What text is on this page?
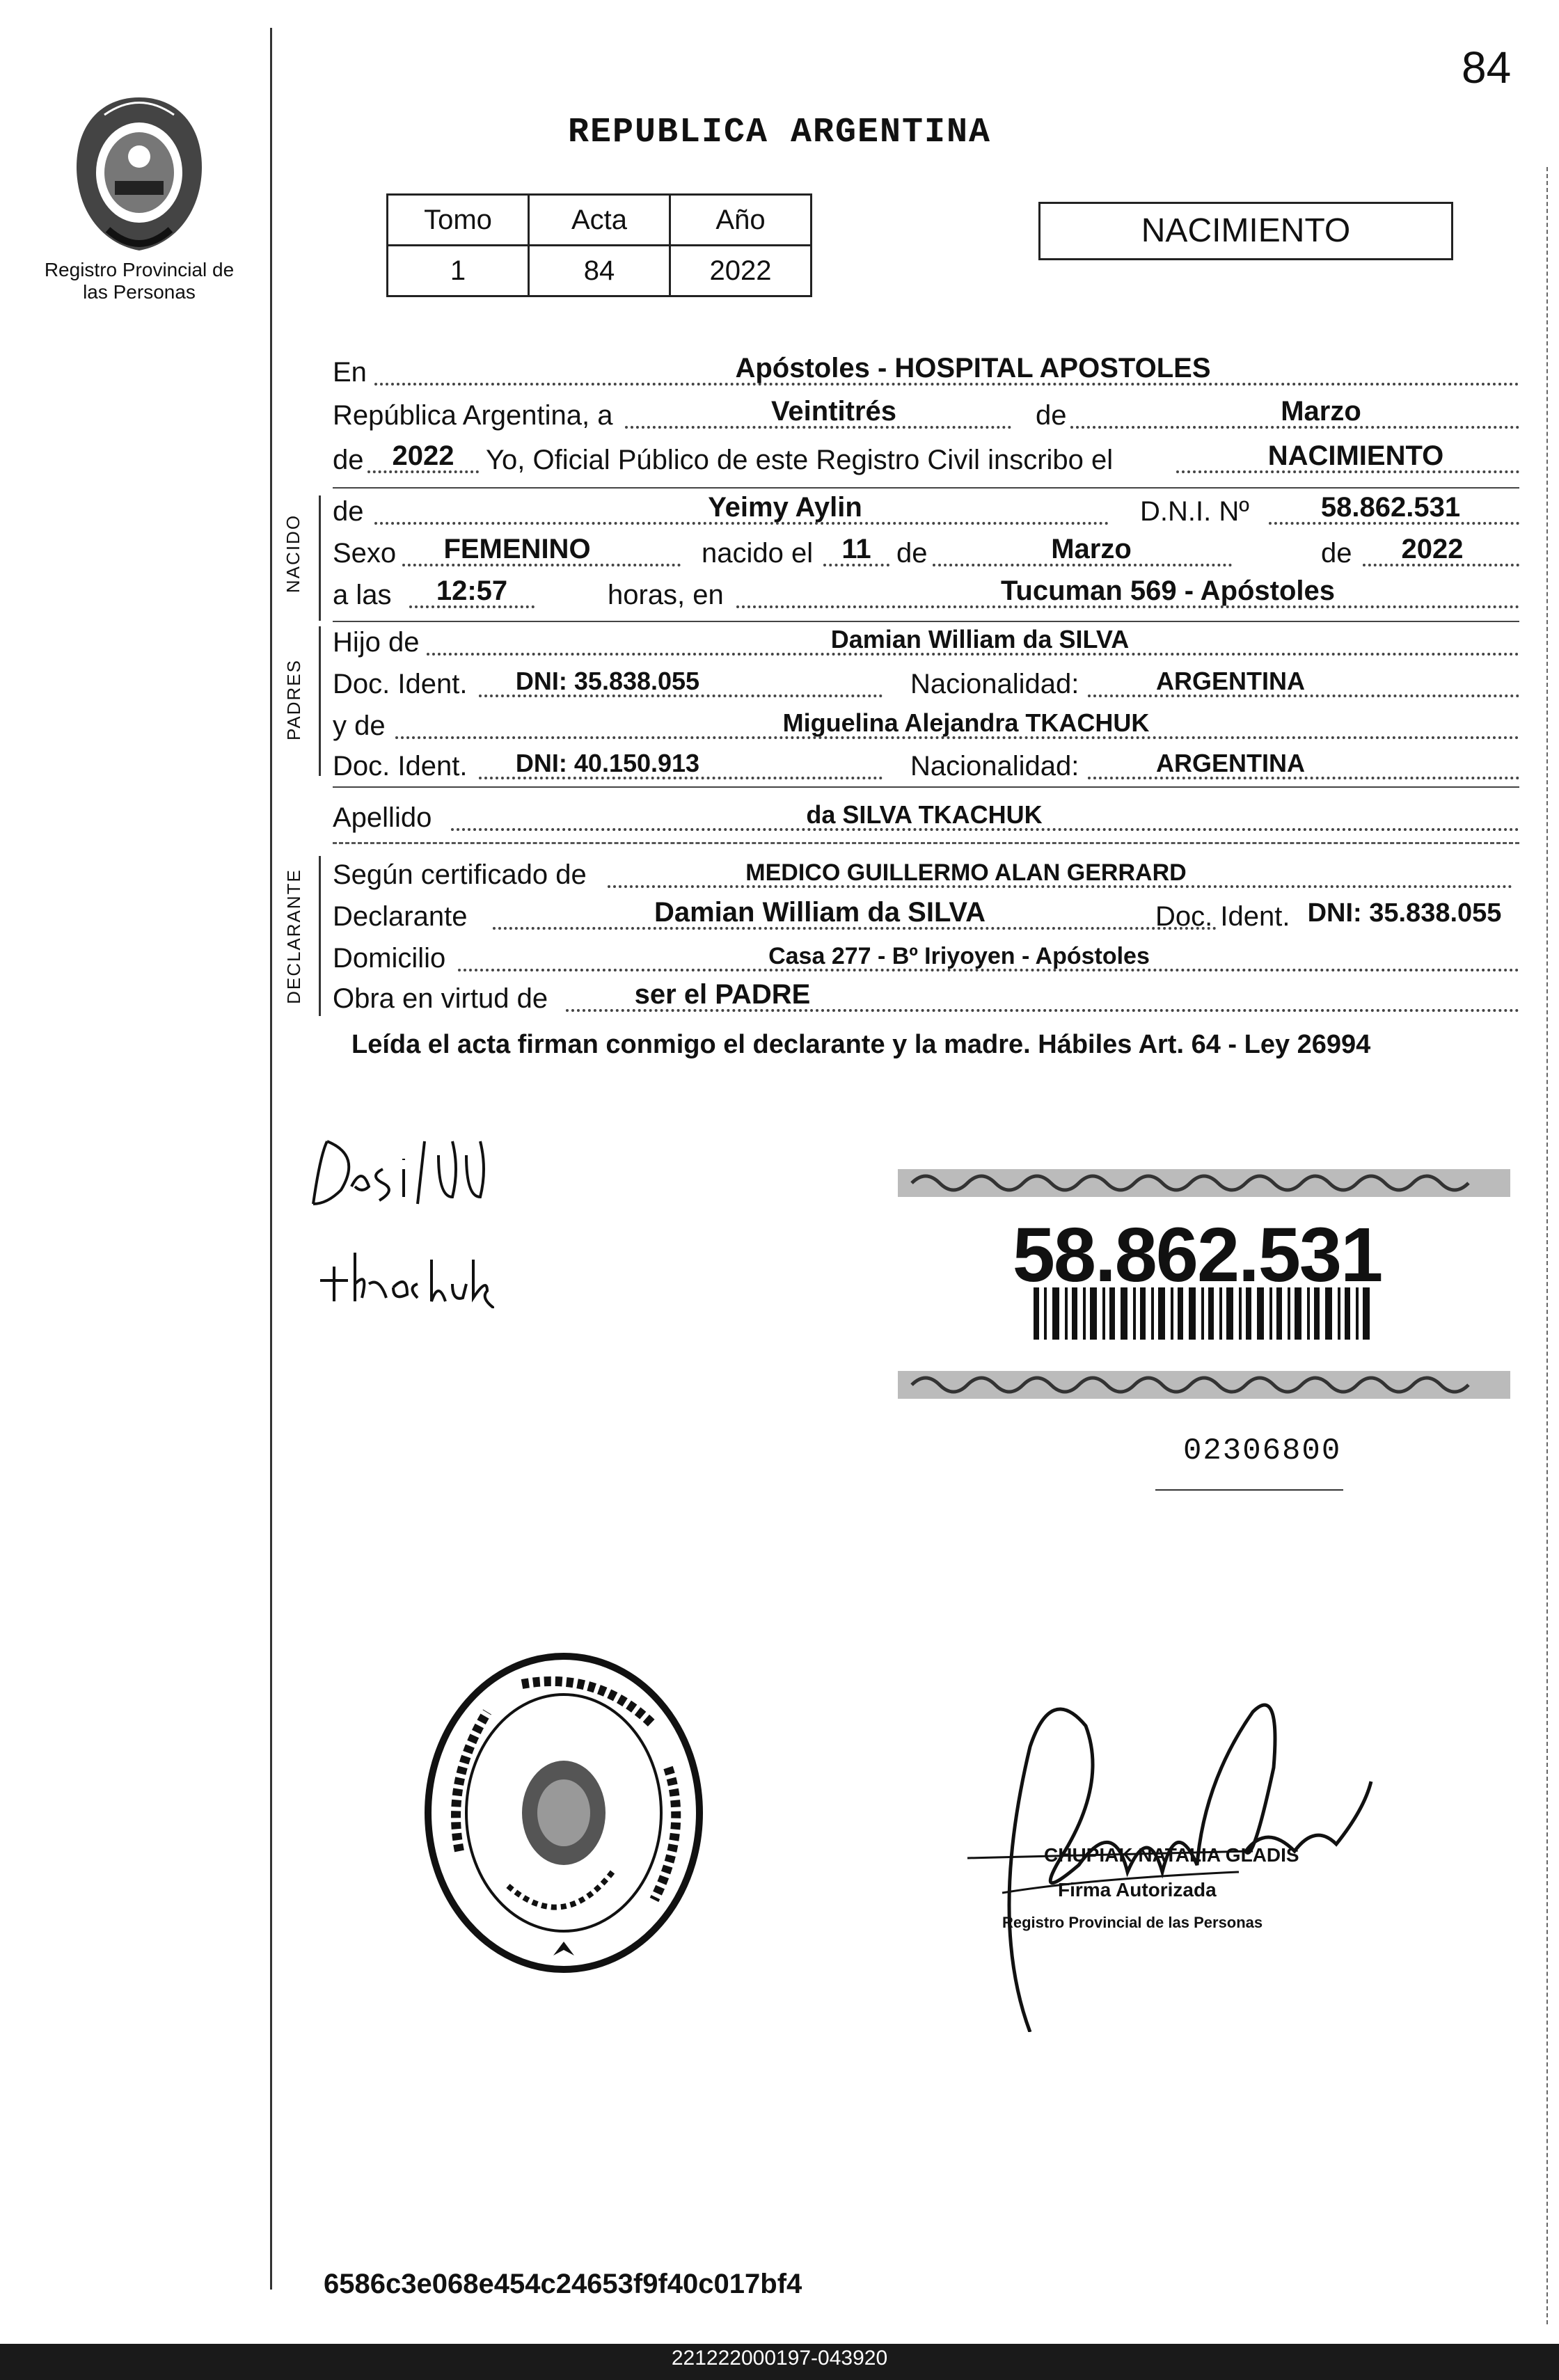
84
Registro Provincial de las Personas
REPUBLICA ARGENTINA
Tomo	Acta	Año
1	84	2022
NACIMIENTO
En	Apóstoles - HOSPITAL APOSTOLES
República Argentina, a	Veintitrés	de	Marzo
de	2022	Yo, Oficial Público de este Registro Civil inscribo el	NACIMIENTO
NACIDO
de	Yeimy Aylin	D.N.I. Nº	58.862.531
Sexo	FEMENINO	nacido el	11 de	Marzo	de	2022
a las	12:57	horas, en	Tucuman 569 - Apóstoles
PADRES
Hijo de	Damian William da SILVA
Doc. Ident.	DNI: 35.838.055	Nacionalidad:	ARGENTINA
y de	Miguelina Alejandra TKACHUK
Doc. Ident.	DNI: 40.150.913	Nacionalidad:	ARGENTINA
Apellido	da SILVA TKACHUK
DECLARANTE Según certificado de	MEDICO GUILLERMO ALAN GERRARD
Declarante	Damian William da SILVA	Doc. Ident. DNI: 35.838.055
Domicilio	Casa 277 - Bº Iriyoyen - Apóstoles
Obra en virtud de	ser el PADRE
Leída el acta firman conmigo el declarante y la madre. Hábiles Art. 64 - Ley 26994
58.862.531
02306800
CHUPIAK NATALIA GLADIS
Firma Autorizada
Registro Provincial de las Personas
6586c3e068e454c24653f9f40c017bf4
221222000197-043920
